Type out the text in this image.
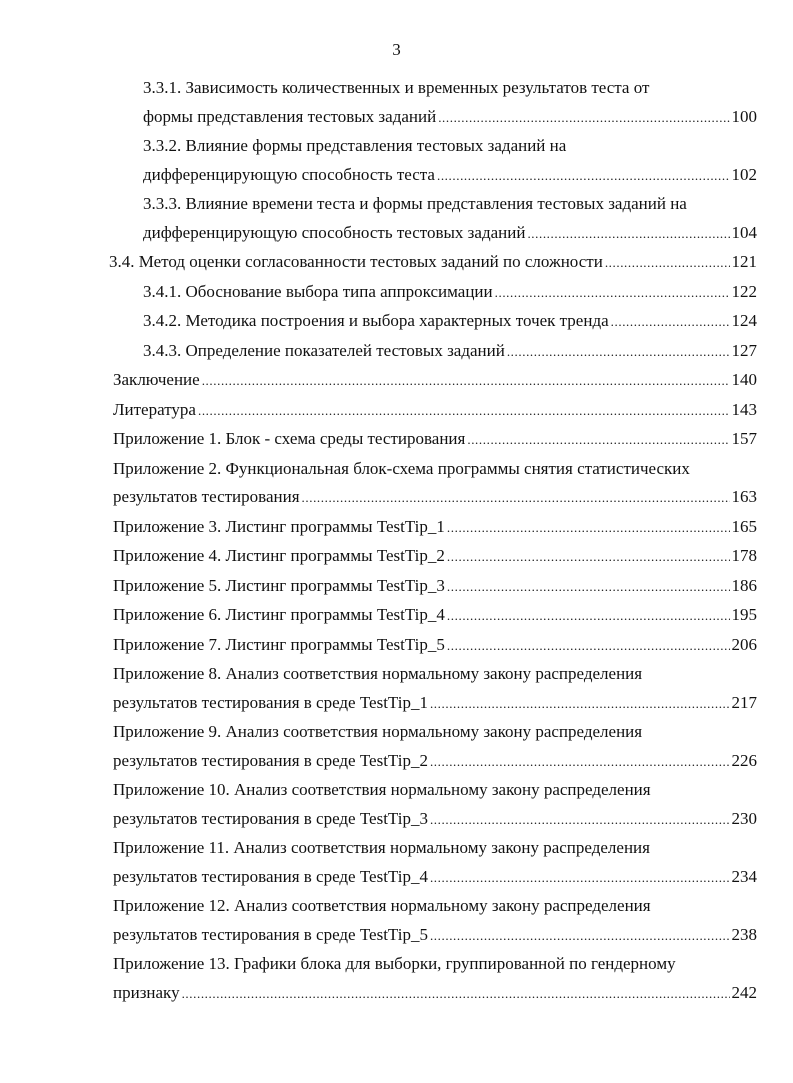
3
3.3.1. Зависимость количественных и временных результатов теста от
формы представления тестовых заданий .....	100
3.3.2. Влияние формы представления тестовых заданий на
дифференцирующую способность теста .....	102
3.3.3. Влияние времени теста и формы представления тестовых заданий на
дифференцирующую способность тестовых заданий .....	104
3.4. Метод оценки согласованности тестовых заданий по сложности .....	121
3.4.1. Обоснование выбора типа аппроксимации .....	122
3.4.2. Методика построения и выбора характерных точек тренда .....	124
3.4.3. Определение показателей тестовых заданий .....	127
Заключение .....	140
Литература .....	143
Приложение 1. Блок - схема среды тестирования .....	157
Приложение 2. Функциональная блок-схема программы снятия статистических
результатов тестирования .....	163
Приложение 3. Листинг программы TestTip_1 .....	165
Приложение 4. Листинг программы TestTip_2 .....	178
Приложение 5. Листинг программы TestTip_3 .....	186
Приложение 6. Листинг программы TestTip_4 .....	195
Приложение 7. Листинг программы TestTip_5 .....	206
Приложение 8. Анализ соответствия нормальному закону распределения
результатов тестирования в среде TestTip_1 .....	217
Приложение 9. Анализ соответствия нормальному закону распределения
результатов тестирования в среде TestTip_2 .....	226
Приложение 10. Анализ соответствия нормальному закону распределения
результатов тестирования в среде TestTip_3 .....	230
Приложение 11. Анализ соответствия нормальному закону распределения
результатов тестирования в среде TestTip_4 .....	234
Приложение 12. Анализ соответствия нормальному закону распределения
результатов тестирования в среде TestTip_5 .....	238
Приложение 13. Графики блока для выборки, группированной по гендерному
признаку .....	242
